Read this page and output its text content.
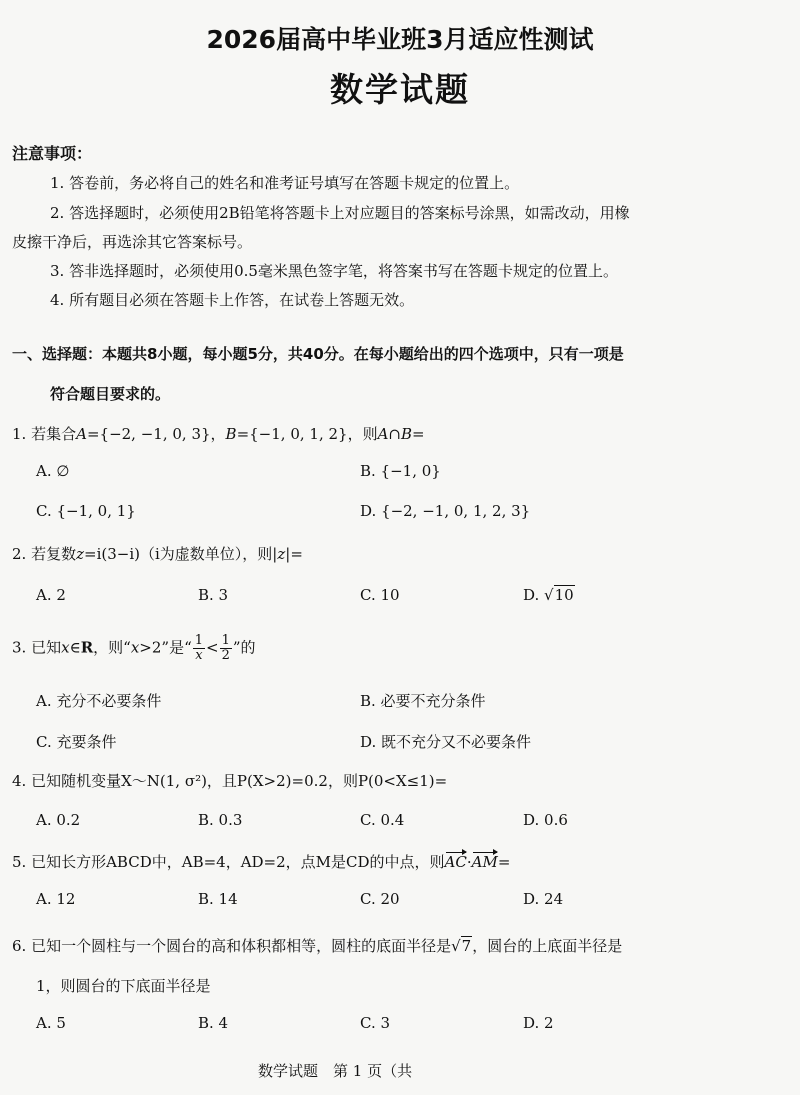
2026届高中毕业班3月适应性测试
数学试题
注意事项：
1. 答卷前，务必将自己的姓名和准考证号填写在答题卡规定的位置上。
2. 答选择题时，必须使用2B铅笔将答题卡上对应题目的答案标号涂黑，如需改动，用橡
皮擦干净后，再选涂其它答案标号。
3. 答非选择题时，必须使用0.5毫米黑色签字笔，将答案书写在答题卡规定的位置上。
4. 所有题目必须在答题卡上作答，在试卷上答题无效。
一、选择题：本题共8小题，每小题5分，共40分。在每小题给出的四个选项中，只有一项是
符合题目要求的。
1. 若集合A={−2, −1, 0, 3}，B={−1, 0, 1, 2}，则A∩B=
A. ∅	B. {−1, 0}
C. {−1, 0, 1}	D. {−2, −1, 0, 1, 2, 3}
2. 若复数z=i(3−i)（i为虚数单位），则|z|=
A. 2	B. 3	C. 10	D. √10
3. 已知x∈R，则“x>2”是“ $\frac{1}{x} < \frac{1}{2}$ ”的
A. 充分不必要条件	B. 必要不充分条件
C. 充要条件	D. 既不充分又不必要条件
4. 已知随机变量X～N(1, σ²)，且P(X>2)=0.2，则P(0<X≤1)=
A. 0.2	B. 0.3	C. 0.4	D. 0.6
5. 已知长方形ABCD中，AB=4，AD=2，点M是CD的中点，则AC·AM=
A. 12	B. 14	C. 20	D. 24
6. 已知一个圆柱与一个圆台的高和体积都相等，圆柱的底面半径是√7，圆台的上底面半径是
1，则圆台的下底面半径是
A. 5	B. 4	C. 3	D. 2
数学试题　第 1 页（共
